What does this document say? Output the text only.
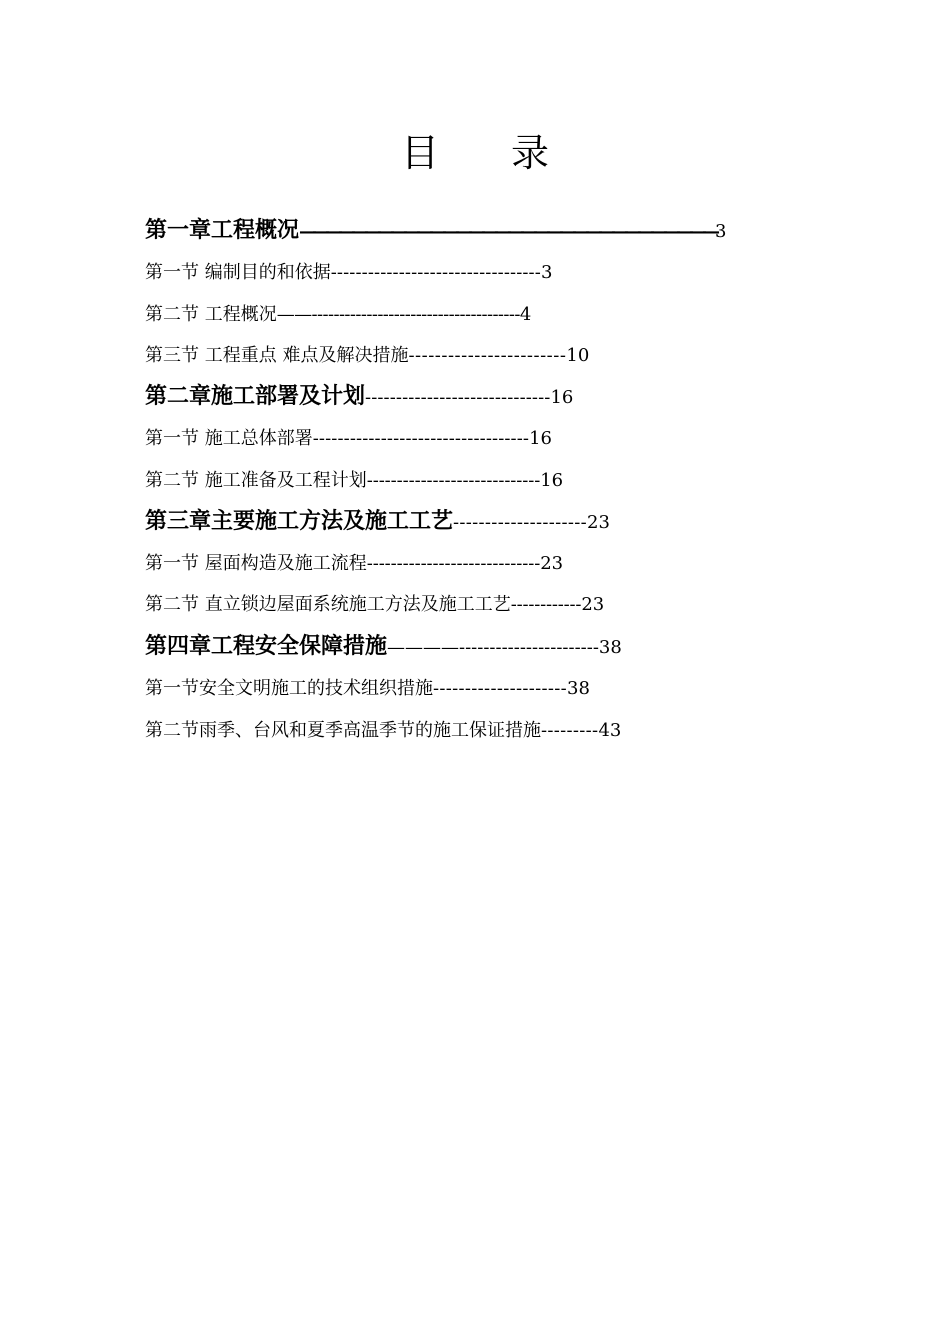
目 录
第一章工程概况————————————————————————————————3
第一节 编制目的和依据----------------------------------3
第二节 工程概况——--------------------------------------4
第三节 工程重点 难点及解决措施------------------------10
第二章施工部署及计划------------------------------16
第一节 施工总体部署-----------------------------------16
第二节 施工准备及工程计划-----------------------------16
第三章主要施工方法及施工工艺---------------------23
第一节 屋面构造及施工流程-----------------------------23
第二节 直立锁边屋面系统施工方法及施工工艺------------23
第四章工程安全保障措施————-----------------------38
第一节安全文明施工的技术组织措施---------------------38
第二节雨季、台风和夏季高温季节的施工保证措施---------43
